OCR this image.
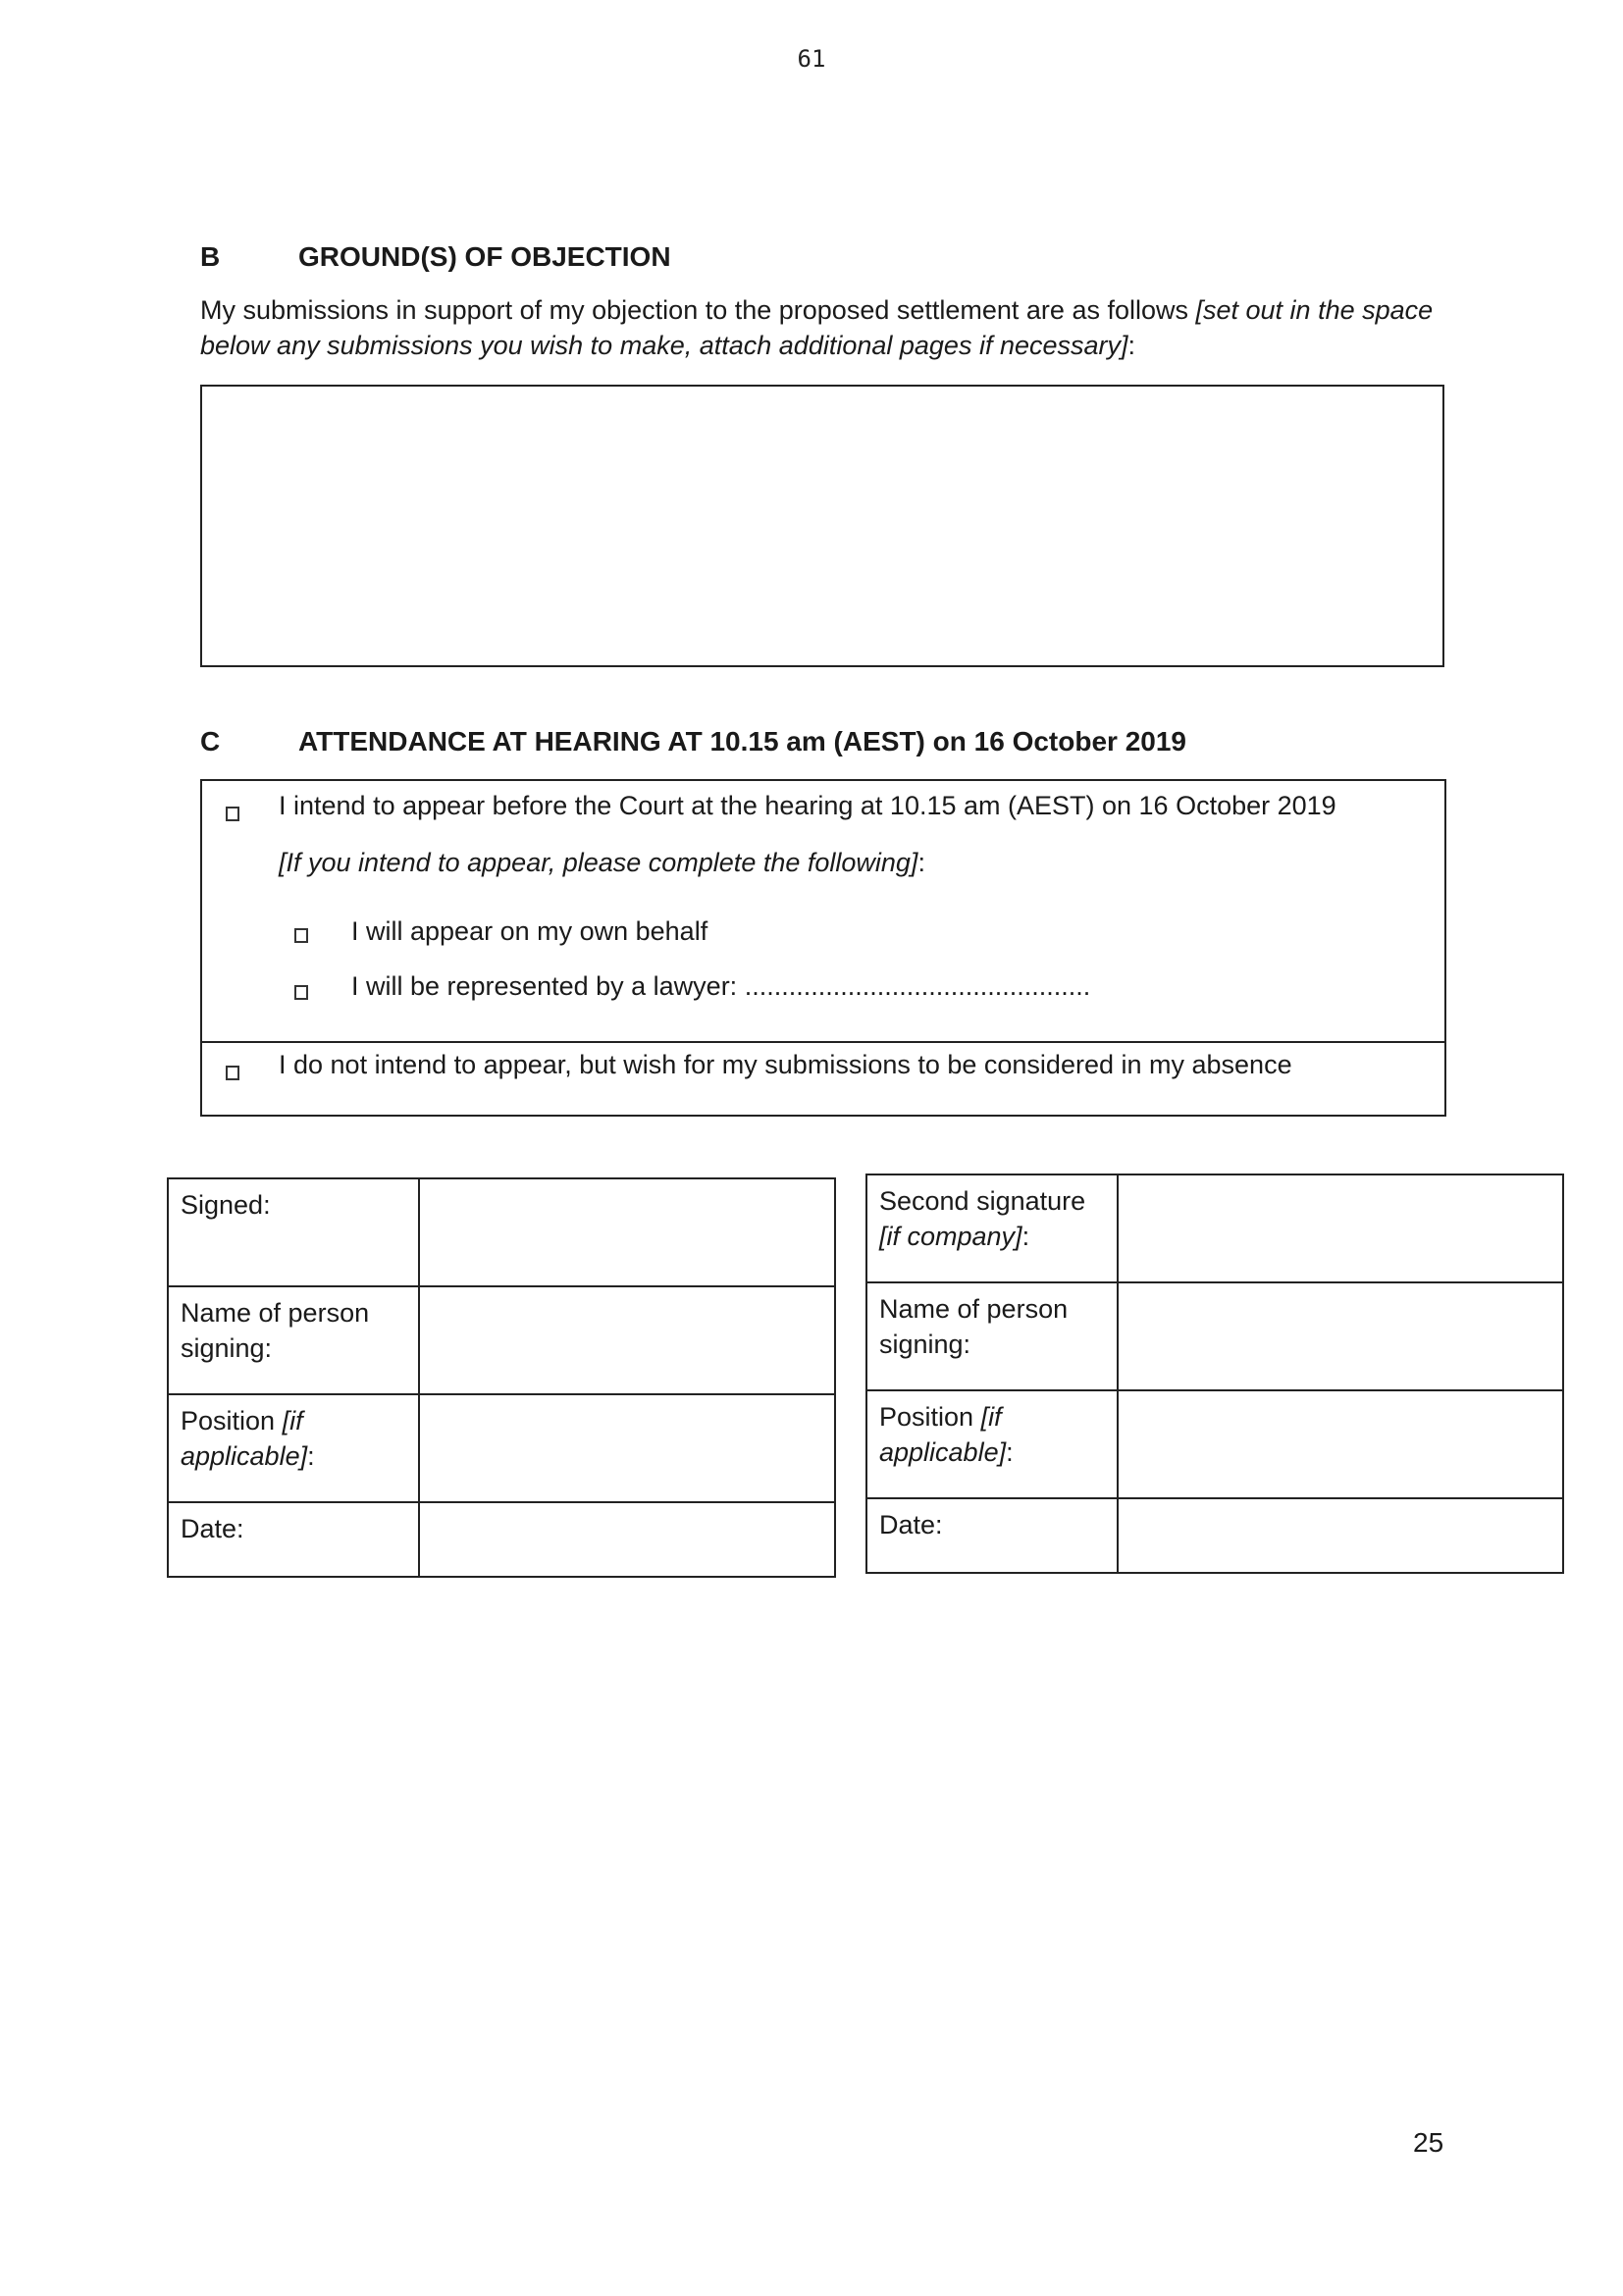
61
B	GROUND(S) OF OBJECTION
My submissions in support of my objection to the proposed settlement are as follows [set out in the space below any submissions you wish to make, attach additional pages if necessary]:
C	ATTENDANCE AT HEARING AT 10.15 am (AEST) on 16 October 2019
I intend to appear before the Court at the hearing at 10.15 am (AEST) on 16 October 2019
[If you intend to appear, please complete the following]:
I will appear on my own behalf
I will be represented by a lawyer: ...............................................
I do not intend to appear, but wish for my submissions to be considered in my absence
Signed:	
Name of person
signing:	
Position [if
applicable]:	
Date:	
Second signature
[if company]:	
Name of person
signing:	
Position [if
applicable]:	
Date:	
25
